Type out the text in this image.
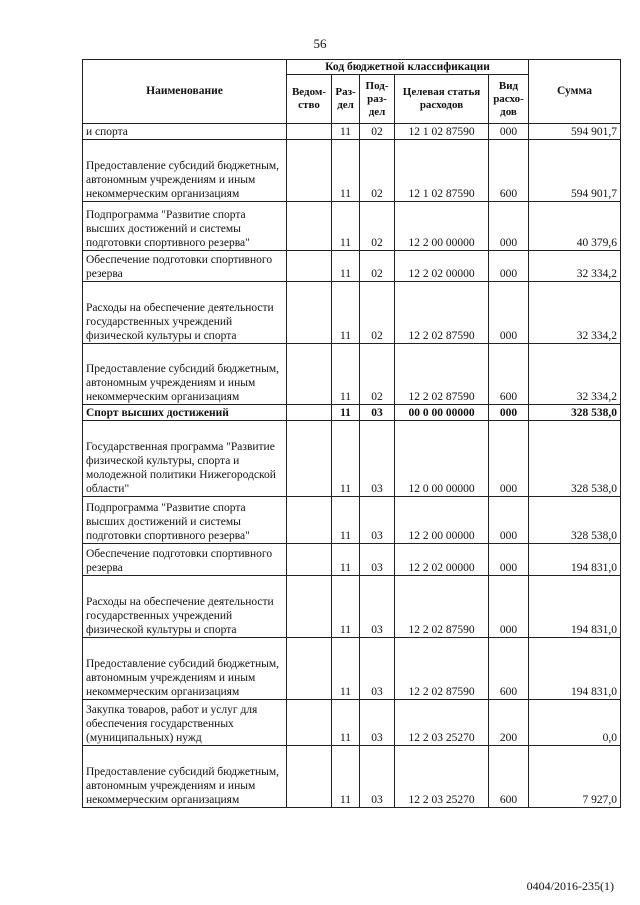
56
Наименование	Код бюджетной классификации					Сумма
	Ведом-ство	Раз-дел	Под-раз-дел	Целевая статья расходов	Вид расхо-дов	
и спорта		11	02	12 1 02 87590	000	594 901,7
Предоставление субсидий бюджетным, автономным учреждениям и иным некоммерческим организациям		11	02	12 1 02 87590	600	594 901,7
Подпрограмма "Развитие спорта высших достижений и системы подготовки спортивного резерва"		11	02	12 2 00 00000	000	40 379,6
Обеспечение подготовки спортивного резерва		11	02	12 2 02 00000	000	32 334,2
Расходы на обеспечение деятельности государственных учреждений физической культуры и спорта		11	02	12 2 02 87590	000	32 334,2
Предоставление субсидий бюджетным, автономным учреждениям и иным некоммерческим организациям		11	02	12 2 02 87590	600	32 334,2
Спорт высших достижений		11	03	00 0 00 00000	000	328 538,0
Государственная программа "Развитие физической культуры, спорта и молодежной политики Нижегородской области"		11	03	12 0 00 00000	000	328 538,0
Подпрограмма "Развитие спорта высших достижений и системы подготовки спортивного резерва"		11	03	12 2 00 00000	000	328 538,0
Обеспечение подготовки спортивного резерва		11	03	12 2 02 00000	000	194 831,0
Расходы на обеспечение деятельности государственных учреждений физической культуры и спорта		11	03	12 2 02 87590	000	194 831,0
Предоставление субсидий бюджетным, автономным учреждениям и иным некоммерческим организациям		11	03	12 2 02 87590	600	194 831,0
Закупка товаров, работ и услуг для обеспечения государственных (муниципальных) нужд		11	03	12 2 03 25270	200	0,0
Предоставление субсидий бюджетным, автономным учреждениям и иным некоммерческим организациям		11	03	12 2 03 25270	600	7 927,0
0404/2016-235(1)
